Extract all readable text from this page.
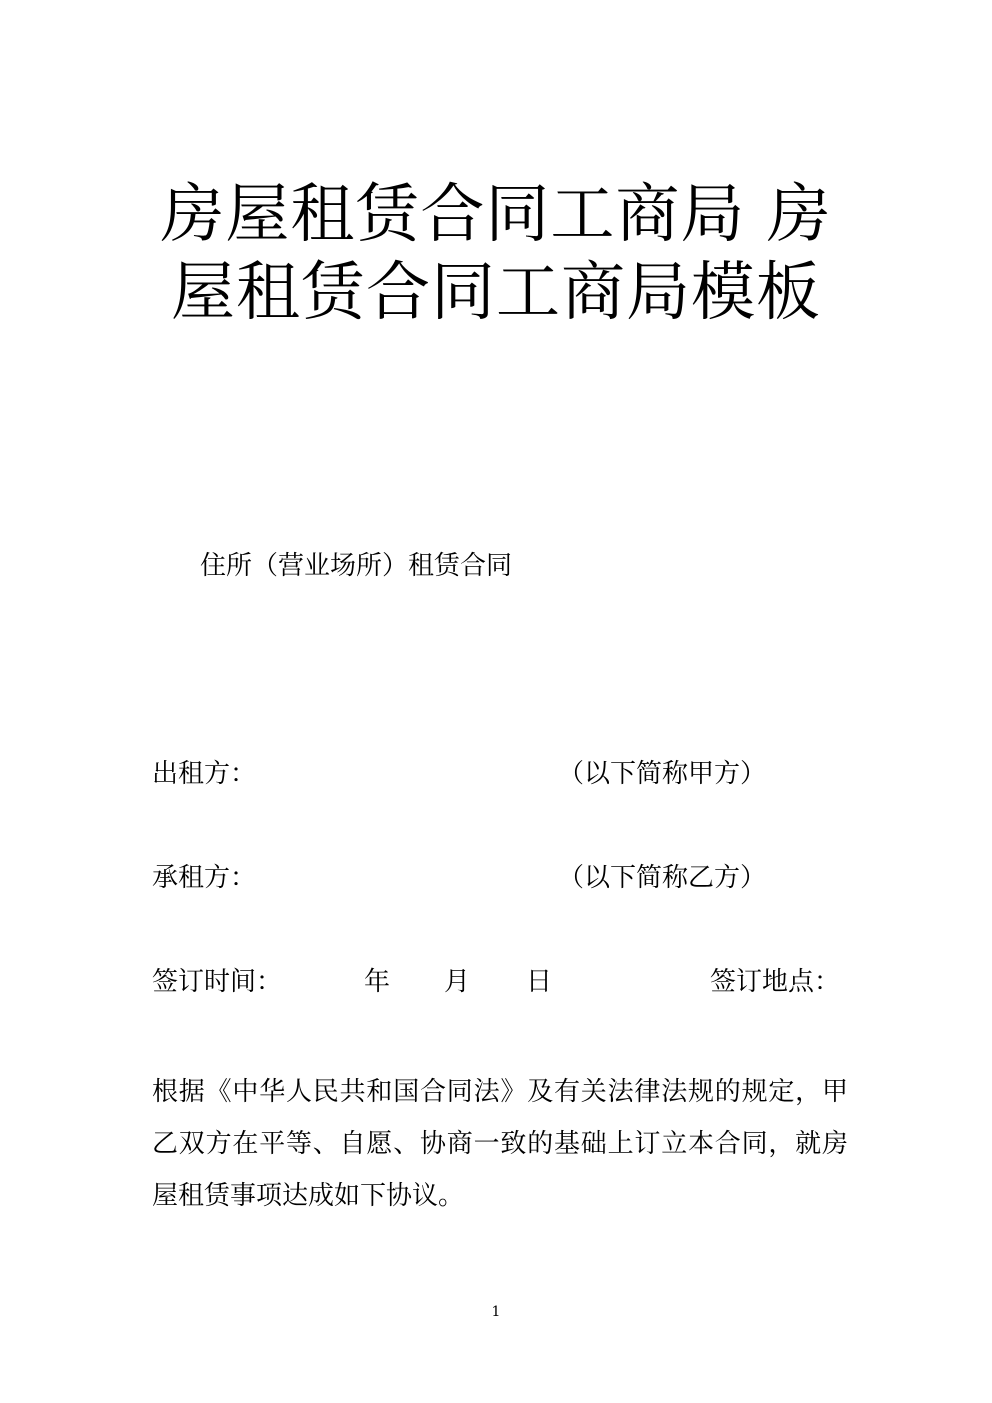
房屋租赁合同工商局 房屋租赁合同工商局模板
住所（营业场所）租赁合同
出租方：	（以下简称甲方）
承租方：	（以下简称乙方）
签订时间：	年 月 日	签订地点：

根据《中华人民共和国合同法》及有关法律法规的规定，甲乙双方在平等、自愿、协商一致的基础上订立本合同，就房屋租赁事项达成如下协议。

1
